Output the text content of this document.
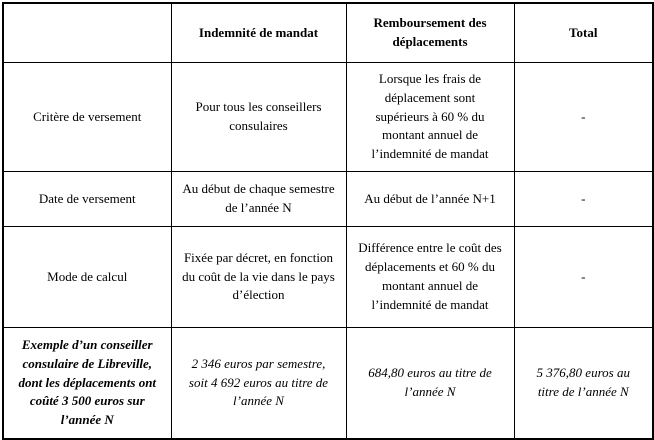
	Indemnité de mandat	Remboursement des déplacements	Total
Critère de versement	Pour tous les conseillers consulaires	Lorsque les frais de déplacement sont supérieurs à 60 % du montant annuel de l’indemnité de mandat	-
Date de versement	Au début de chaque semestre de l’année N	Au début de l’année N+1	-
Mode de calcul	Fixée par décret, en fonction du coût de la vie dans le pays d’élection	Différence entre le coût des déplacements et 60 % du montant annuel de l’indemnité de mandat	-
Exemple d’un conseiller consulaire de Libreville, dont les déplacements ont coûté 3 500 euros sur l’année N	2 346 euros par semestre, soit 4 692 euros au titre de l’année N	684,80 euros au titre de l’année N	5 376,80 euros au titre de l’année N
